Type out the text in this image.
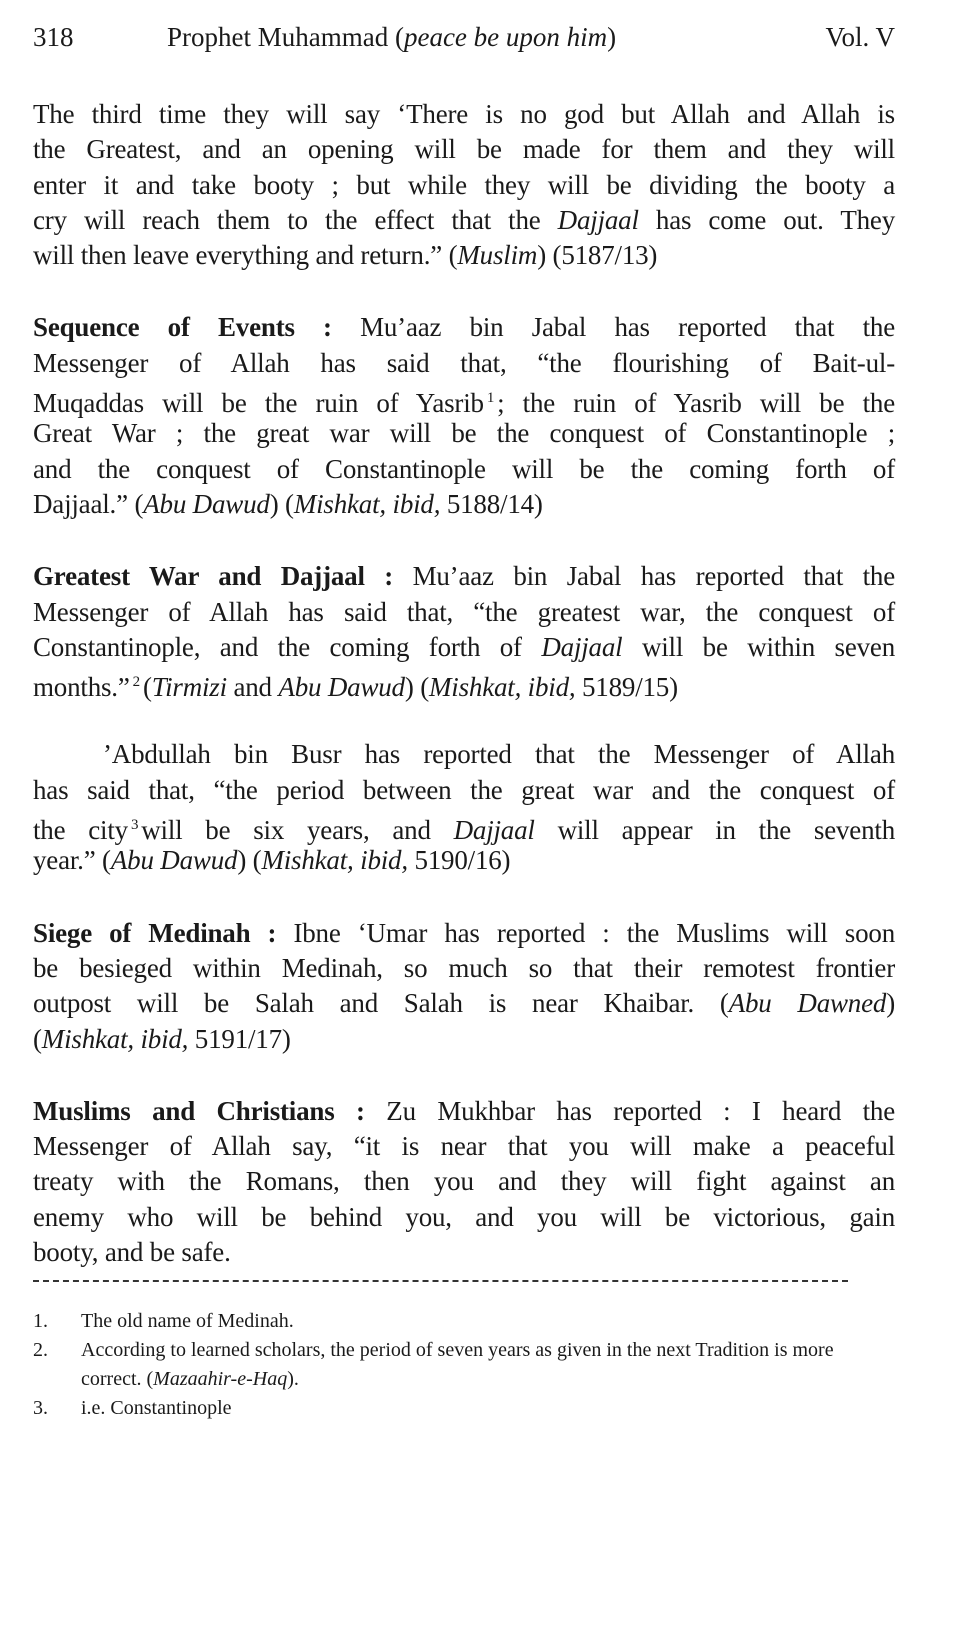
318	Prophet Muhammad (peace be upon him)	Vol. V
The third time they will say ‘There is no god but Allah and Allah is
the Greatest, and an opening will be made for them and they will
enter it and take booty ; but while they will be dividing the booty a
cry will reach them to the effect that the Dajjaal has come out. They
will then leave everything and return.” (Muslim) (5187/13)
Sequence of Events : Mu’aaz bin Jabal has reported that the
Messenger of Allah has said that, “the flourishing of Bait-ul-
Muqaddas will be the ruin of Yasrib $^1$ ; the ruin of Yasrib will be the
Great War ; the great war will be the conquest of Constantinople ;
and the conquest of Constantinople will be the coming forth of
Dajjaal.” (Abu Dawud) (Mishkat, ibid, 5188/14)
Greatest War and Dajjaal : Mu’aaz bin Jabal has reported that the
Messenger of Allah has said that, “the greatest war, the conquest of
Constantinople, and the coming forth of Dajjaal will be within seven
months.” $^2$ (Tirmizi and Abu Dawud) (Mishkat, ibid, 5189/15)
’Abdullah bin Busr has reported that the Messenger of Allah
has said that, “the period between the great war and the conquest of
the city $^3$ will be six years, and Dajjaal will appear in the seventh
year.” (Abu Dawud) (Mishkat, ibid, 5190/16)
Siege of Medinah : Ibne ‘Umar has reported : the Muslims will soon
be besieged within Medinah, so much so that their remotest frontier
outpost will be Salah and Salah is near Khaibar. (Abu Dawned)
(Mishkat, ibid, 5191/17)
Muslims and Christians : Zu Mukhbar has reported : I heard the
Messenger of Allah say, “it is near that you will make a peaceful
treaty with the Romans, then you and they will fight against an
enemy who will be behind you, and you will be victorious, gain
booty, and be safe.
1. The old name of Medinah.
2. According to learned scholars, the period of seven years as given in the next Tradition is more correct. (Mazaahir-e-Haq).
3. i.e. Constantinople
